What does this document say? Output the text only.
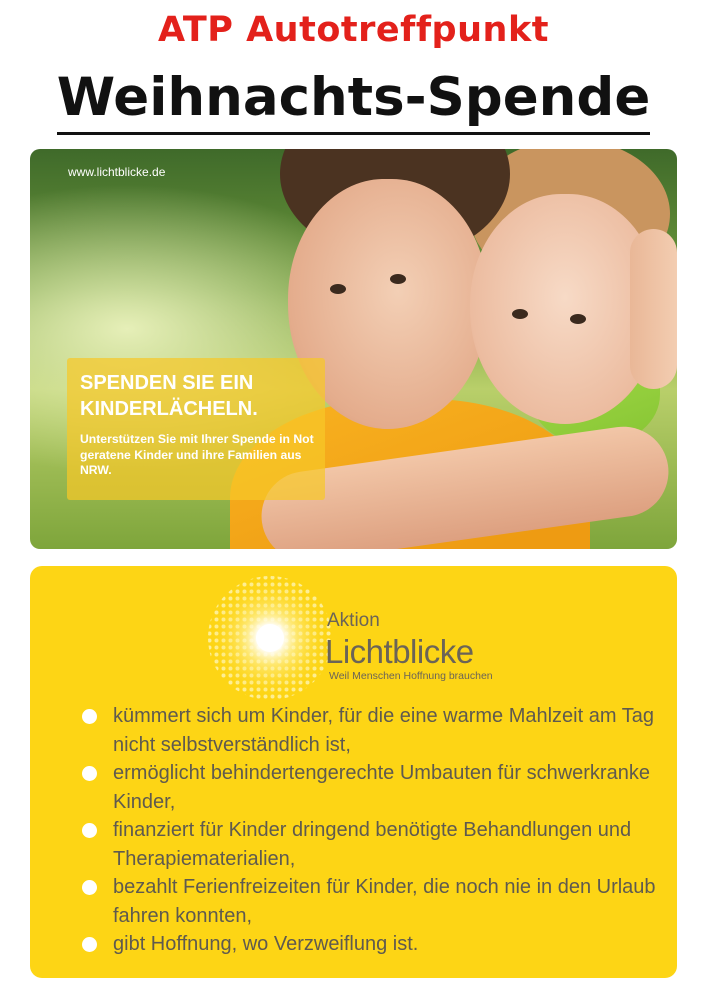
ATP Autotreffpunkt
Weihnachts-Spende
www.lichtblicke.de
SPENDEN SIE EIN
KINDERLÄCHELN.
Unterstützen Sie mit Ihrer Spende in Not geratene Kinder und ihre Familien aus NRW.
Aktion
Lichtblicke
Weil Menschen Hoffnung brauchen
kümmert sich um Kinder, für die eine warme Mahlzeit am Tag nicht selbstverständlich ist,
ermöglicht behindertengerechte Umbauten für schwerkranke Kinder,
finanziert für Kinder dringend benötigte Behandlungen und Therapiematerialien,
bezahlt Ferienfreizeiten für Kinder, die noch nie in den Urlaub fahren konnten,
gibt Hoffnung, wo Verzweiflung ist.
